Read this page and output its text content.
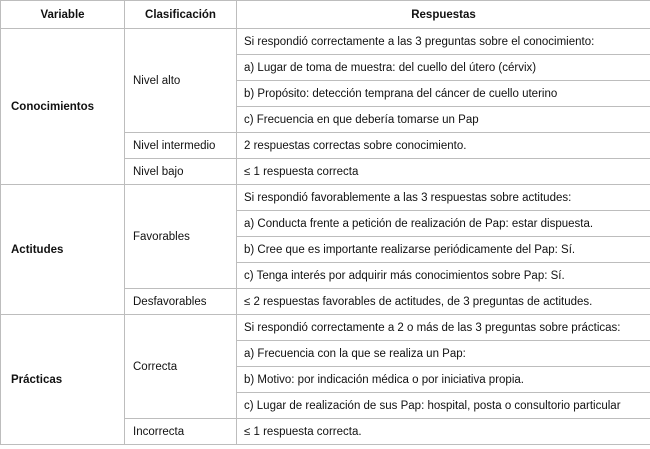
Variable	Clasificación	Respuestas
Conocimientos	Nivel alto	Si respondió correctamente a las 3 preguntas sobre el conocimiento:
		a) Lugar de toma de muestra: del cuello del útero (cérvix)
		b) Propósito: detección temprana del cáncer de cuello uterino
		c) Frecuencia en que debería tomarse un Pap
	Nivel intermedio	2 respuestas correctas sobre conocimiento.
	Nivel bajo	≤ 1 respuesta correcta
Actitudes	Favorables	Si respondió favorablemente a las 3 respuestas sobre actitudes:
		a) Conducta frente a petición de realización de Pap: estar dispuesta.
		b) Cree que es importante realizarse periódicamente del Pap: Sí.
		c) Tenga interés por adquirir más conocimientos sobre Pap: Sí.
	Desfavorables	≤ 2 respuestas favorables de actitudes, de 3 preguntas de actitudes.
Prácticas	Correcta	Si respondió correctamente a 2 o más de las 3 preguntas sobre prácticas:
		a) Frecuencia con la que se realiza un Pap:
		b) Motivo: por indicación médica o por iniciativa propia.
		c) Lugar de realización de sus Pap: hospital, posta o consultorio particular
	Incorrecta	≤ 1 respuesta correcta.
